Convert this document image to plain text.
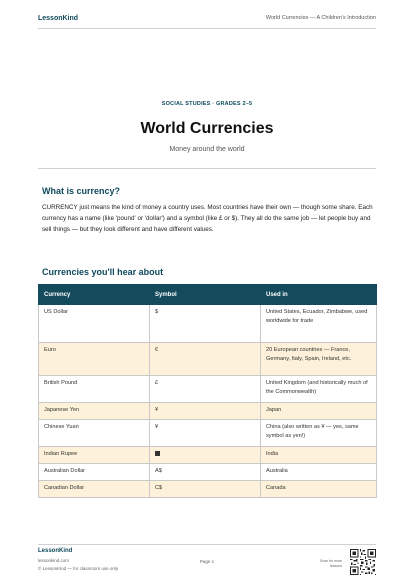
LessonKind	World Currencies — A Children's Introduction
SOCIAL STUDIES · GRADES 2–5
World Currencies
Money around the world
What is currency?
CURRENCY just means the kind of money a country uses. Most countries have their own — though some share. Each currency has a name (like 'pound' or 'dollar') and a symbol (like £ or $). They all do the same job — let people buy and sell things — but they look different and have different values.
Currencies you'll hear about
Currency	Symbol	Used in
US Dollar	$	United States, Ecuador, Zimbabwe, used worldwide for trade
Euro	€	20 European countries — France, Germany, Italy, Spain, Ireland, etc.
British Pound	£	United Kingdom (and historically much of the Commonwealth)
Japanese Yen	¥	Japan
Chinese Yuan	¥	China (also written as ¥ — yes, same symbol as yen!)
Indian Rupee		India
Australian Dollar	A$	Australia
Canadian Dollar	C$	Canada
LessonKind
lessonkind.com
© LessonKind — for classroom use only
Page 1	Scan for more lessons
